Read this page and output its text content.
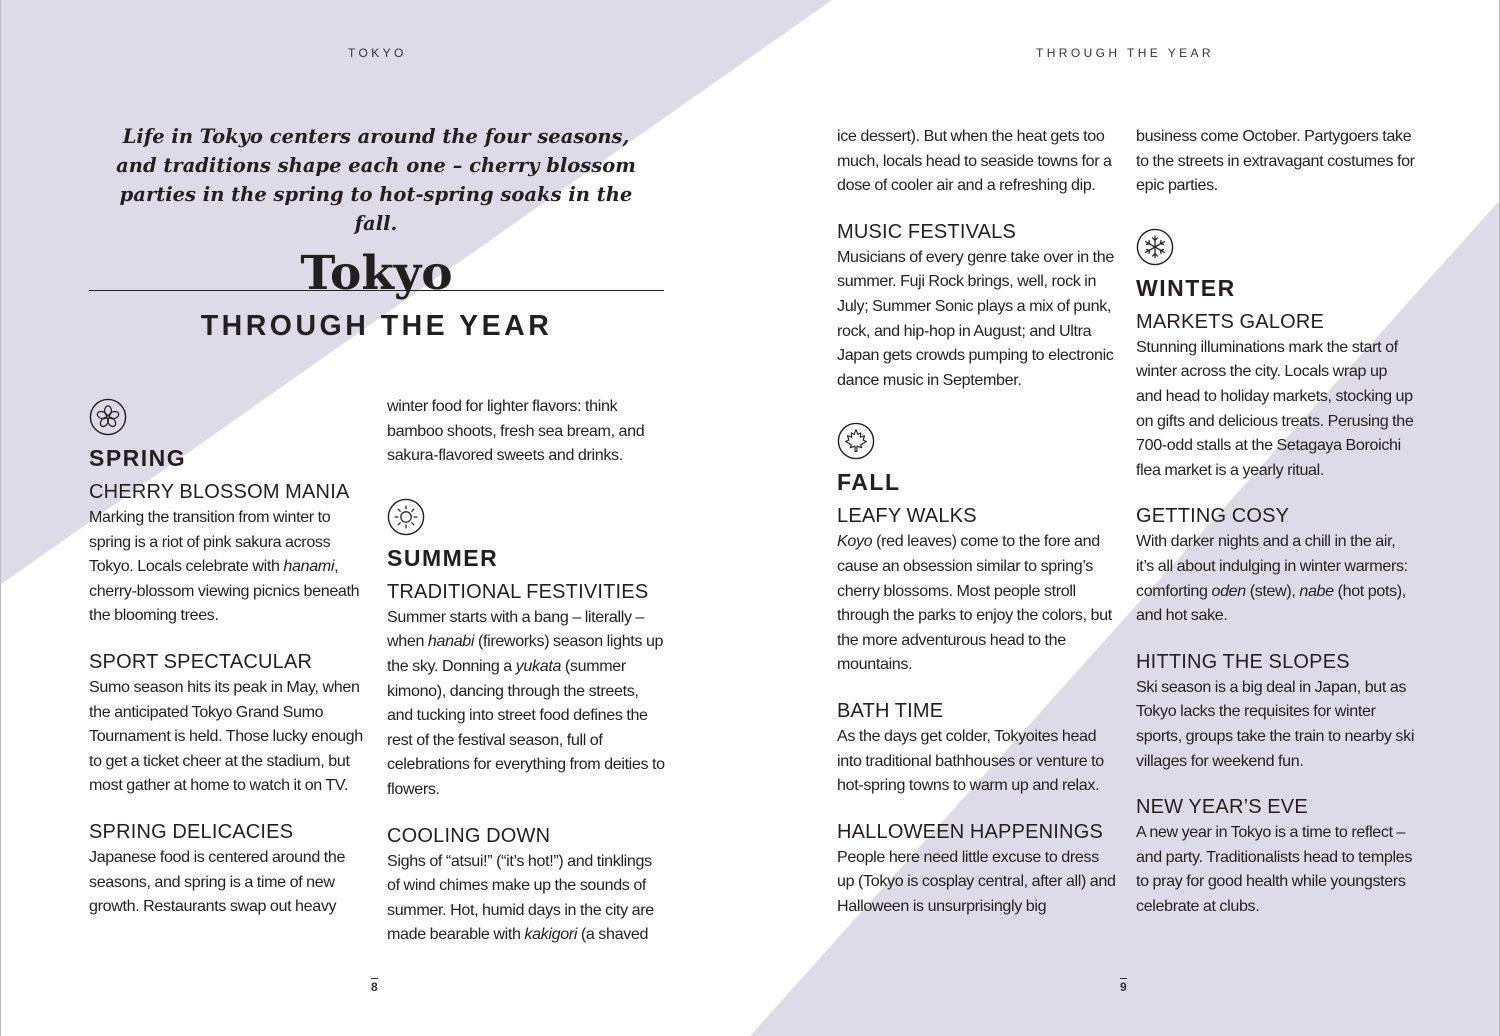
TOKYO	THROUGH THE YEAR

Life in Tokyo centers around the four seasons, and traditions shape each one – cherry blossom parties in the spring to hot-spring soaks in the fall.

Tokyo
THROUGH THE YEAR
SPRING
CHERRY BLOSSOM MANIA

Marking the transition from winter to spring is a riot of pink sakura across Tokyo. Locals celebrate with hanami, cherry-blossom viewing picnics beneath the blooming trees.

SPORT SPECTACULAR

Sumo season hits its peak in May, when the anticipated Tokyo Grand Sumo Tournament is held. Those lucky enough to get a ticket cheer at the stadium, but most gather at home to watch it on TV.

SPRING DELICACIES

Japanese food is centered around the seasons, and spring is a time of new growth. Restaurants swap out heavy

winter food for lighter flavors: think bamboo shoots, fresh sea bream, and sakura-flavored sweets and drinks.

SUMMER
TRADITIONAL FESTIVITIES

Summer starts with a bang – literally – when hanabi (fireworks) season lights up the sky. Donning a yukata (summer kimono), dancing through the streets, and tucking into street food defines the rest of the festival season, full of celebrations for everything from deities to flowers.

COOLING DOWN

Sighs of “atsui!” (“it’s hot!”) and tinklings of wind chimes make up the sounds of summer. Hot, humid days in the city are made bearable with kakigori (a shaved

ice dessert). But when the heat gets too much, locals head to seaside towns for a dose of cooler air and a refreshing dip.

MUSIC FESTIVALS

Musicians of every genre take over in the summer. Fuji Rock brings, well, rock in July; Summer Sonic plays a mix of punk, rock, and hip-hop in August; and Ultra Japan gets crowds pumping to electronic dance music in September.

FALL
LEAFY WALKS

Koyo (red leaves) come to the fore and cause an obsession similar to spring’s cherry blossoms. Most people stroll through the parks to enjoy the colors, but the more adventurous head to the mountains.

BATH TIME

As the days get colder, Tokyoites head into traditional bathhouses or venture to hot-spring towns to warm up and relax.

HALLOWEEN HAPPENINGS

People here need little excuse to dress up (Tokyo is cosplay central, after all) and Halloween is unsurprisingly big

business come October. Partygoers take to the streets in extravagant costumes for epic parties.

WINTER
MARKETS GALORE

Stunning illuminations mark the start of winter across the city. Locals wrap up and head to holiday markets, stocking up on gifts and delicious treats. Perusing the 700-odd stalls at the Setagaya Boroichi flea market is a yearly ritual.

GETTING COSY

With darker nights and a chill in the air, it’s all about indulging in winter warmers: comforting oden (stew), nabe (hot pots), and hot sake.

HITTING THE SLOPES

Ski season is a big deal in Japan, but as Tokyo lacks the requisites for winter sports, groups take the train to nearby ski villages for weekend fun.

NEW YEAR’S EVE

A new year in Tokyo is a time to reflect – and party. Traditionalists head to temples to pray for good health while youngsters celebrate at clubs.

8	9
